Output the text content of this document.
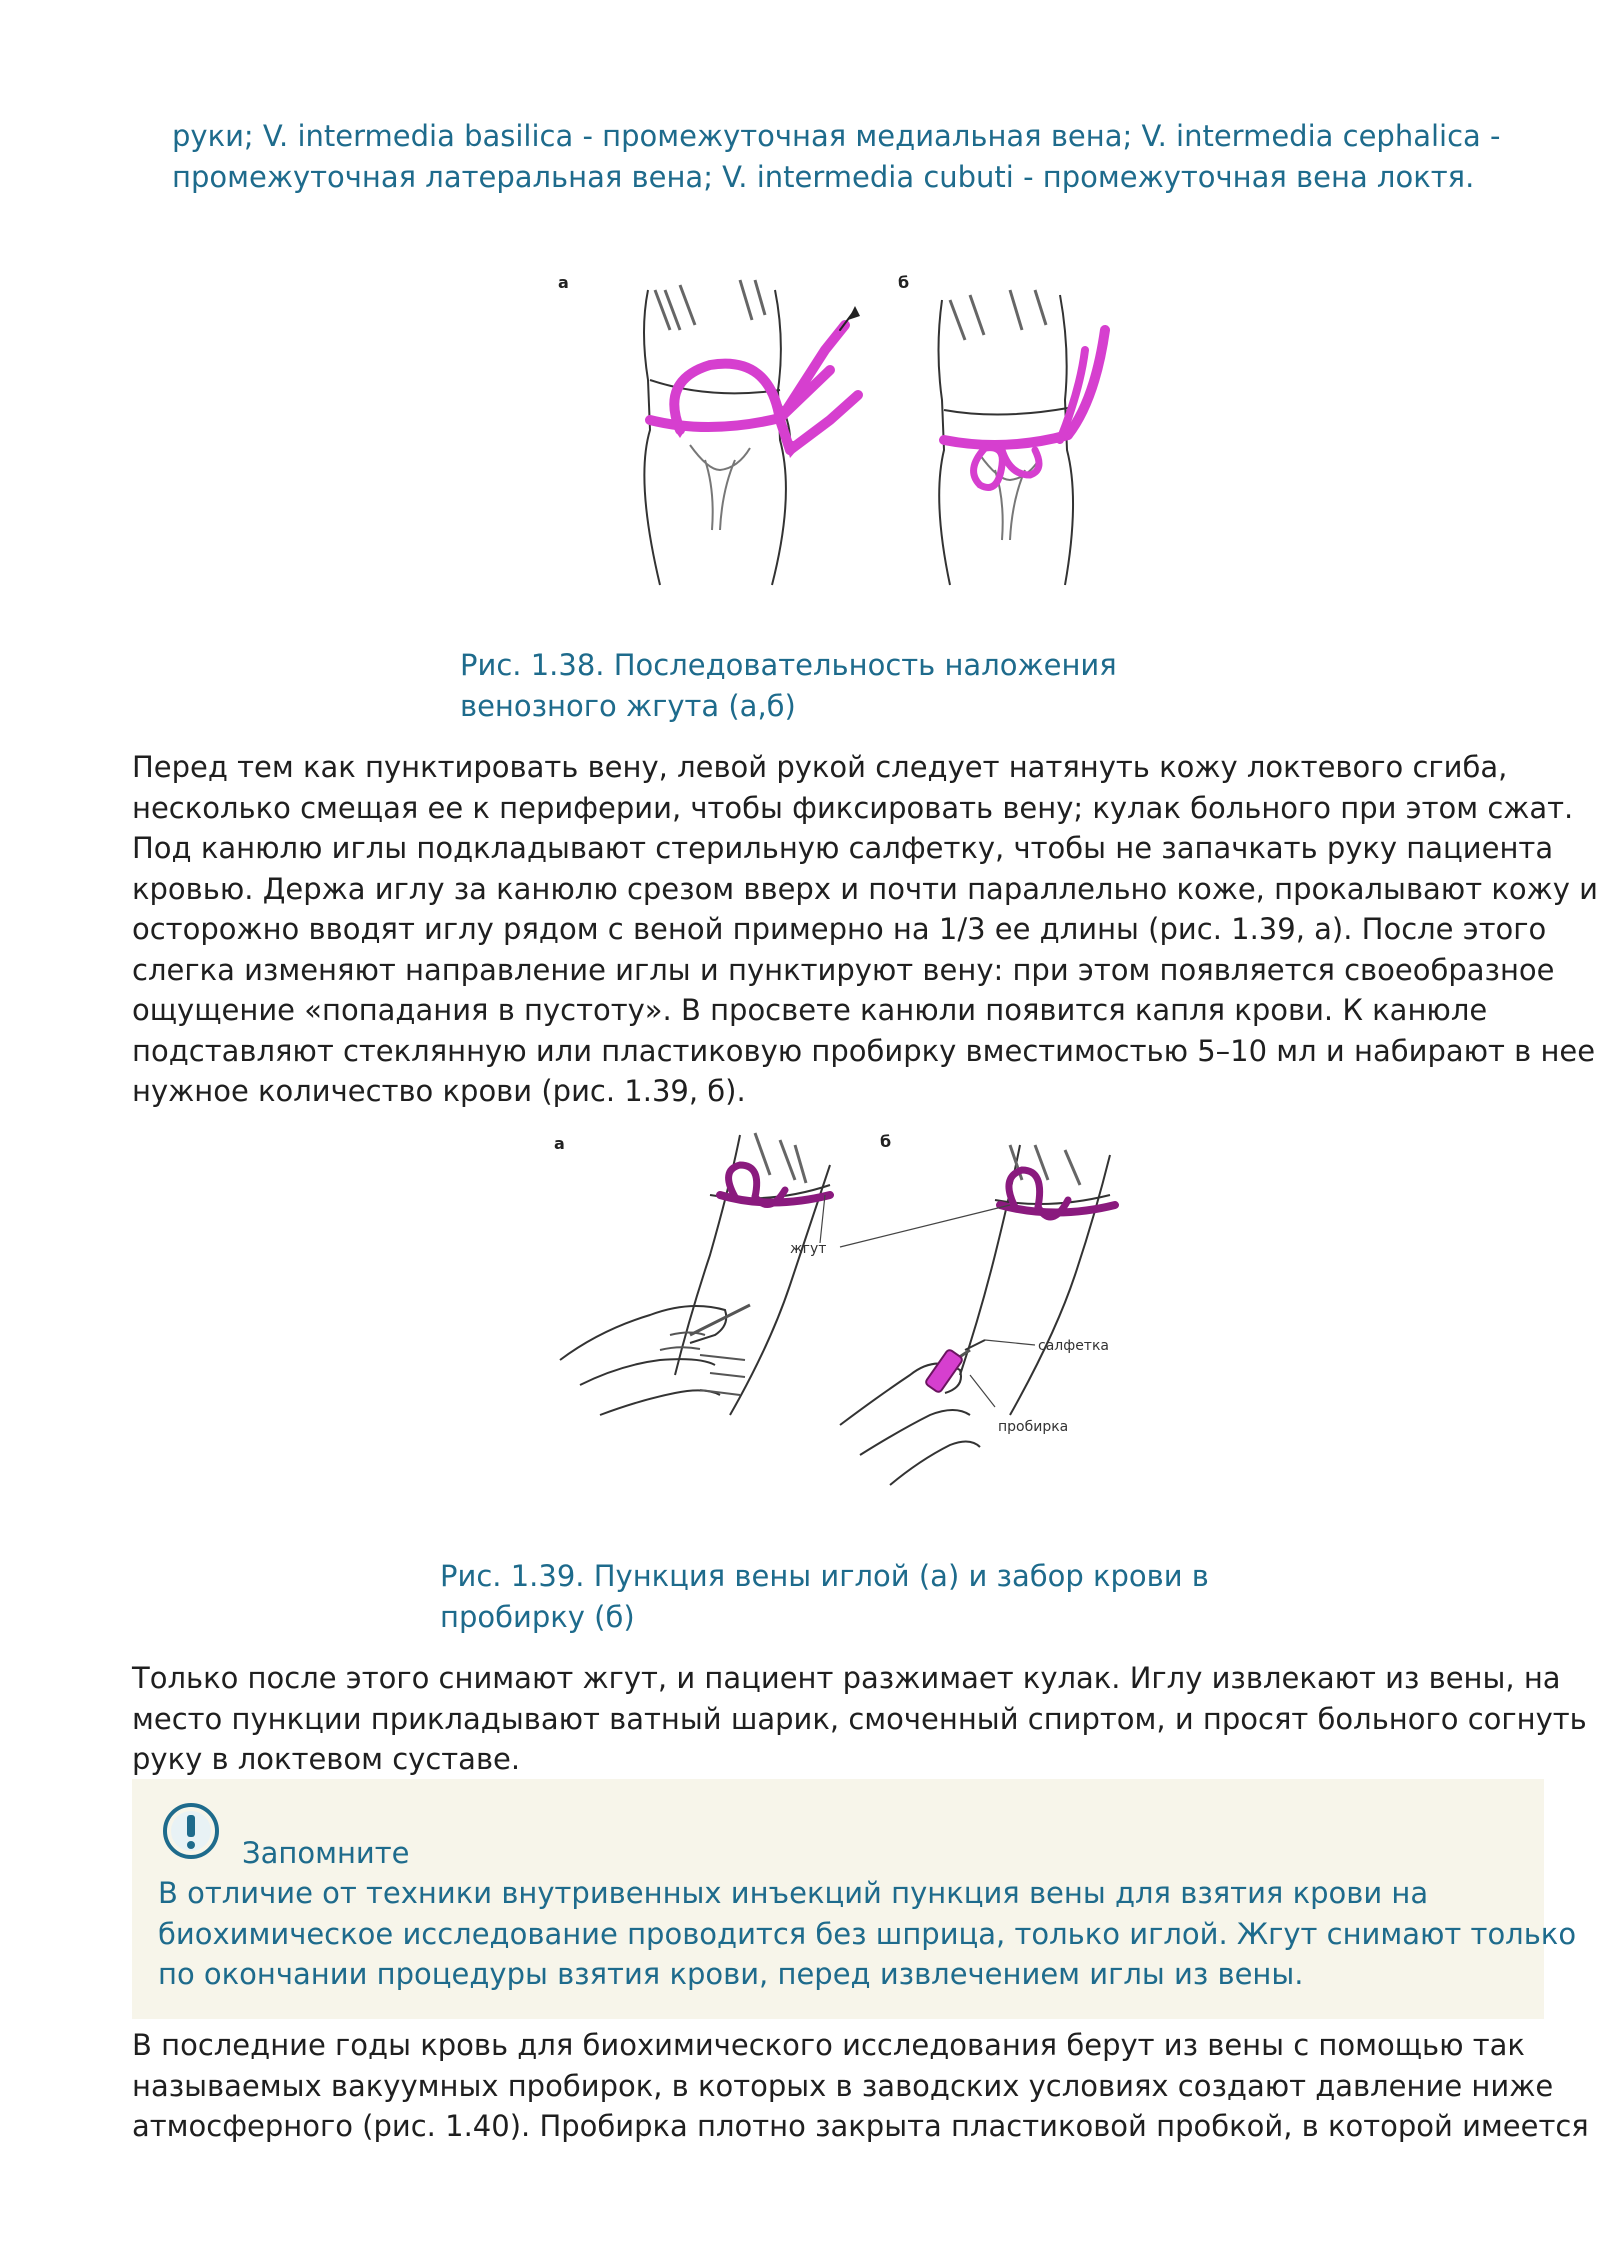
руки; V. intermedia basilica - промежуточная медиальная вена; V. intermedia cephalica -

промежуточная латеральная вена; V. intermedia cubuti - промежуточная вена локтя.

а	б

Рис. 1.38. Последовательность наложения

венозного жгута (а,б)

Перед тем как пунктировать вену, левой рукой следует натянуть кожу локтевого сгиба,

несколько смещая ее к периферии, чтобы фиксировать вену; кулак больного при этом сжат.

Под канюлю иглы подкладывают стерильную салфетку, чтобы не запачкать руку пациента

кровью. Держа иглу за канюлю срезом вверх и почти параллельно коже, прокалывают кожу и

осторожно вводят иглу рядом с веной примерно на 1/3 ее длины (рис. 1.39, а). После этого

слегка изменяют направление иглы и пунктируют вену: при этом появляется своеобразное

ощущение «попадания в пустоту». В просвете канюли появится капля крови. К канюле

подставляют стеклянную или пластиковую пробирку вместимостью 5–10 мл и набирают в нее

нужное количество крови (рис. 1.39, б).

а	б
жгут
салфетка
пробирка

Рис. 1.39. Пункция вены иглой (а) и забор крови в

пробирку (б)

Только после этого снимают жгут, и пациент разжимает кулак. Иглу извлекают из вены, на

место пункции прикладывают ватный шарик, смоченный спиртом, и просят больного согнуть

руку в локтевом суставе.

Запомните

В отличие от техники внутривенных инъекций пункция вены для взятия крови на

биохимическое исследование проводится без шприца, только иглой. Жгут снимают только

по окончании процедуры взятия крови, перед извлечением иглы из вены.

В последние годы кровь для биохимического исследования берут из вены с помощью так

называемых вакуумных пробирок, в которых в заводских условиях создают давление ниже

атмосферного (рис. 1.40). Пробирка плотно закрыта пластиковой пробкой, в которой имеется
